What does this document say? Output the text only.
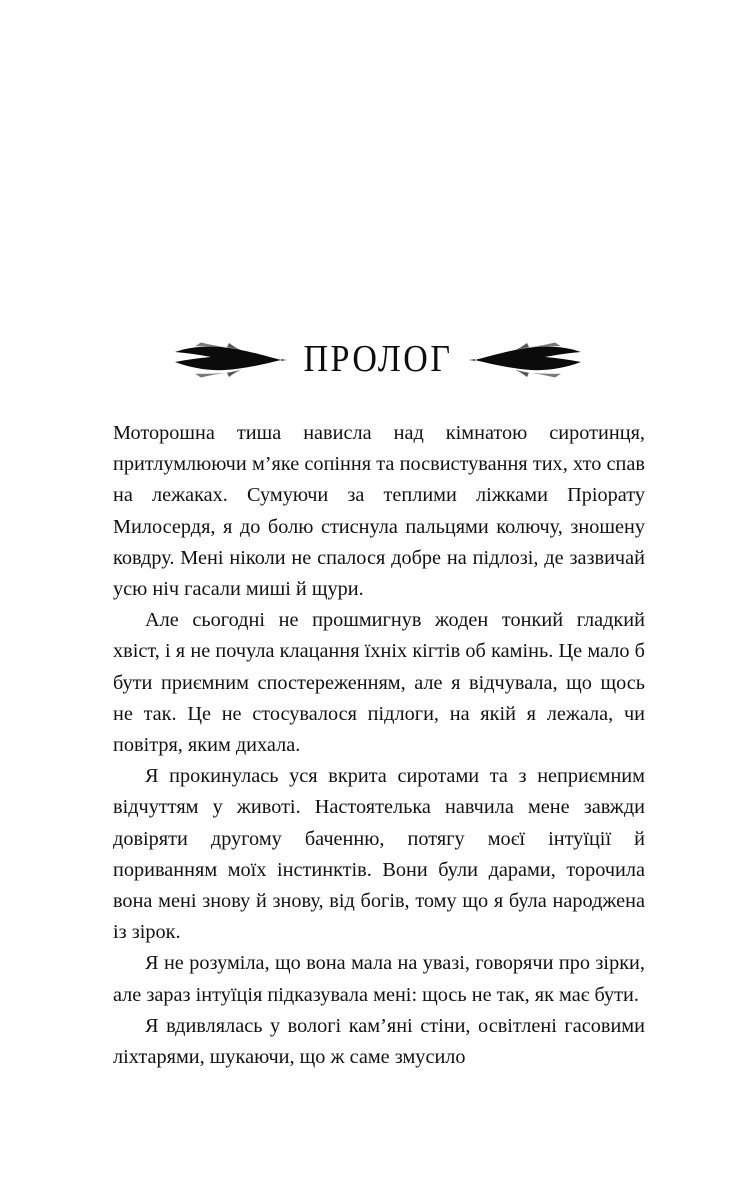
ПРОЛОГ

Моторошна тиша нависла над кімнатою сиротинця, притлумлюючи м’яке сопіння та посвистування тих, хто спав на лежаках. Сумуючи за теплими ліжками Пріорату Милосердя, я до болю стиснула пальцями колючу, зношену ковдру. Мені ніколи не спалося добре на підлозі, де зазвичай усю ніч гасали миші й щури.

Але сьогодні не прошмигнув жоден тонкий гладкий хвіст, і я не почула клацання їхніх кігтів об камінь. Це мало б бути приємним спостереженням, але я відчувала, що щось не так. Це не стосувалося підлоги, на якій я лежала, чи повітря, яким дихала.

Я прокинулась уся вкрита сиротами та з неприємним відчуттям у животі. Настоятелька навчила мене завжди довіряти другому баченню, потягу моєї інтуїції й пориванням моїх інстинктів. Вони були дарами, торочила вона мені знову й знову, від богів, тому що я була народжена із зірок.

Я не розуміла, що вона мала на увазі, говорячи про зірки, але зараз інтуїція підказувала мені: щось не так, як має бути.

Я вдивлялась у вологі кам’яні стіни, освітлені гасовими ліхтарями, шукаючи, що ж саме змусило
